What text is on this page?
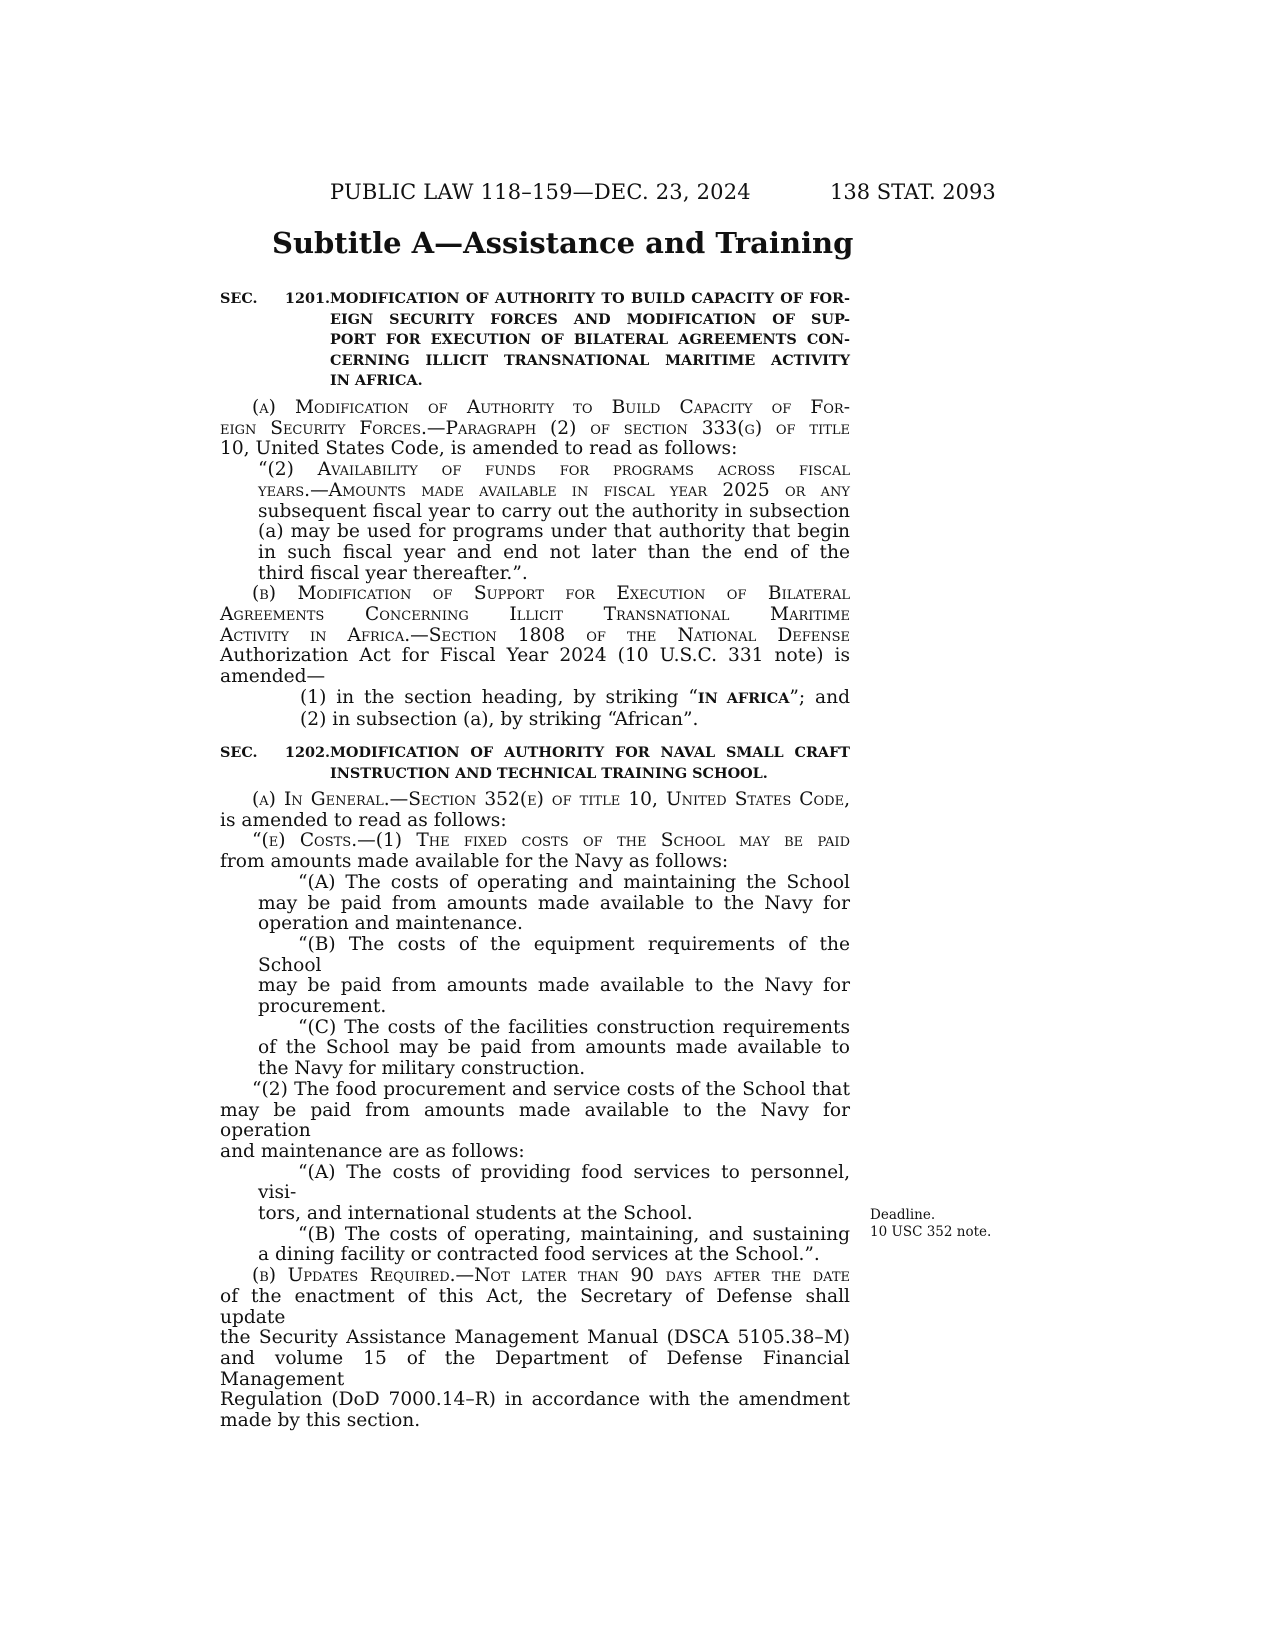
PUBLIC LAW 118–159—DEC. 23, 2024	138 STAT. 2093
Subtitle A—Assistance and Training
SEC. 1201.MODIFICATION OF AUTHORITY TO BUILD CAPACITY OF FOR-
EIGN SECURITY FORCES AND MODIFICATION OF SUP-
PORT FOR EXECUTION OF BILATERAL AGREEMENTS CON-
CERNING ILLICIT TRANSNATIONAL MARITIME ACTIVITY
IN AFRICA.
(a) Modification of Authority to Build Capacity of For-
eign Security Forces.—Paragraph (2) of section 333(g) of title
10, United States Code, is amended to read as follows:
“(2) Availability of funds for programs across fiscal
years.—Amounts made available in fiscal year 2025 or any
subsequent fiscal year to carry out the authority in subsection
(a) may be used for programs under that authority that begin
in such fiscal year and end not later than the end of the
third fiscal year thereafter.”.
(b) Modification of Support for Execution of Bilateral
Agreements Concerning Illicit Transnational Maritime
Activity in Africa.—Section 1808 of the National Defense
Authorization Act for Fiscal Year 2024 (10 U.S.C. 331 note) is
amended—
(1) in the section heading, by striking “IN AFRICA”; and
(2) in subsection (a), by striking “African”.
SEC. 1202.MODIFICATION OF AUTHORITY FOR NAVAL SMALL CRAFT
INSTRUCTION AND TECHNICAL TRAINING SCHOOL.
(a) In General.—Section 352(e) of title 10, United States Code,
is amended to read as follows:
“(e) Costs.—(1) The fixed costs of the School may be paid
from amounts made available for the Navy as follows:
“(A) The costs of operating and maintaining the School
may be paid from amounts made available to the Navy for
operation and maintenance.
“(B) The costs of the equipment requirements of the School
may be paid from amounts made available to the Navy for
procurement.
“(C) The costs of the facilities construction requirements
of the School may be paid from amounts made available to
the Navy for military construction.
“(2) The food procurement and service costs of the School that
may be paid from amounts made available to the Navy for operation
and maintenance are as follows:
“(A) The costs of providing food services to personnel, visi-
tors, and international students at the School.
“(B) The costs of operating, maintaining, and sustaining
a dining facility or contracted food services at the School.”.
(b) Updates Required.—Not later than 90 days after the date
of the enactment of this Act, the Secretary of Defense shall update
the Security Assistance Management Manual (DSCA 5105.38–M)
and volume 15 of the Department of Defense Financial Management
Regulation (DoD 7000.14–R) in accordance with the amendment
made by this section.
Deadline.
10 USC 352 note.
